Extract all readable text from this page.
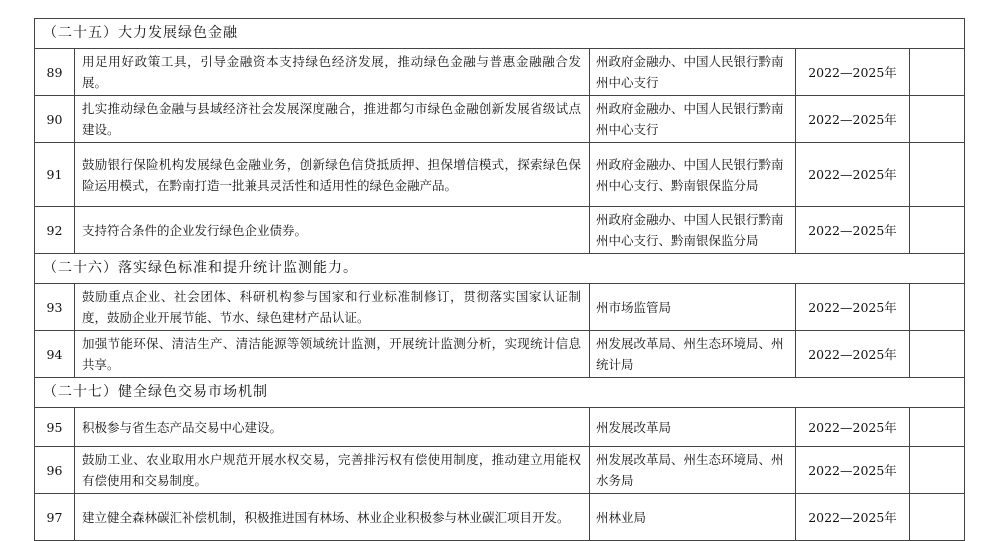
（二十五）大力发展绿色金融				
89	用足用好政策工具，引导金融资本支持绿色经济发展，推动绿色金融与普惠金融融合发展。	州政府金融办、中国人民银行黔南州中心支行	2022—2025年	
90	扎实推动绿色金融与县域经济社会发展深度融合，推进都匀市绿色金融创新发展省级试点建设。	州政府金融办、中国人民银行黔南州中心支行	2022—2025年	
91	鼓励银行保险机构发展绿色金融业务，创新绿色信贷抵质押、担保增信模式，探索绿色保险运用模式，在黔南打造一批兼具灵活性和适用性的绿色金融产品。	州政府金融办、中国人民银行黔南州中心支行、黔南银保监分局	2022—2025年	
92	支持符合条件的企业发行绿色企业债券。	州政府金融办、中国人民银行黔南州中心支行、黔南银保监分局	2022—2025年	
（二十六）落实绿色标准和提升统计监测能力。				
93	鼓励重点企业、社会团体、科研机构参与国家和行业标准制修订，贯彻落实国家认证制度，鼓励企业开展节能、节水、绿色建材产品认证。	州市场监管局	2022—2025年	
94	加强节能环保、清洁生产、清洁能源等领域统计监测，开展统计监测分析，实现统计信息共享。	州发展改革局、州生态环境局、州统计局	2022—2025年	
（二十七）健全绿色交易市场机制				
95	积极参与省生态产品交易中心建设。	州发展改革局	2022—2025年	
96	鼓励工业、农业取用水户规范开展水权交易，完善排污权有偿使用制度，推动建立用能权有偿使用和交易制度。	州发展改革局、州生态环境局、州水务局	2022—2025年	
97	建立健全森林碳汇补偿机制，积极推进国有林场、林业企业积极参与林业碳汇项目开发。	州林业局	2022—2025年	
